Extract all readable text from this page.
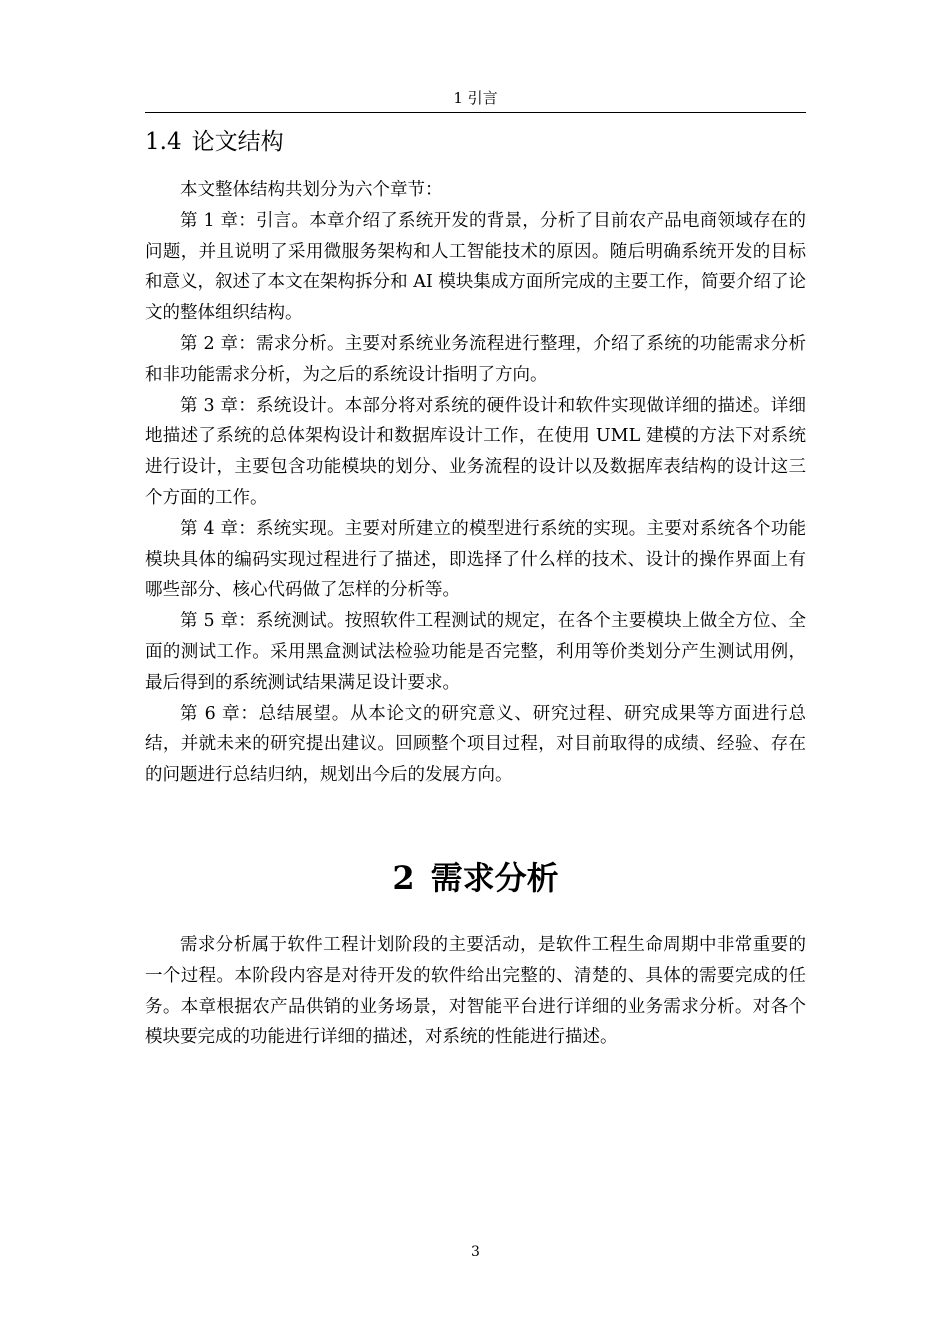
1 引言
1.4 论文结构

本文整体结构共划分为六个章节：

第 1 章：引言。本章介绍了系统开发的背景，分析了目前农产品电商领域存在的问题，并且说明了采用微服务架构和人工智能技术的原因。随后明确系统开发的目标和意义，叙述了本文在架构拆分和 AI 模块集成方面所完成的主要工作，简要介绍了论文的整体组织结构。

第 2 章：需求分析。主要对系统业务流程进行整理，介绍了系统的功能需求分析和非功能需求分析，为之后的系统设计指明了方向。

第 3 章：系统设计。本部分将对系统的硬件设计和软件实现做详细的描述。详细地描述了系统的总体架构设计和数据库设计工作，在使用 UML 建模的方法下对系统进行设计，主要包含功能模块的划分、业务流程的设计以及数据库表结构的设计这三个方面的工作。

第 4 章：系统实现。主要对所建立的模型进行系统的实现。主要对系统各个功能模块具体的编码实现过程进行了描述，即选择了什么样的技术、设计的操作界面上有哪些部分、核心代码做了怎样的分析等。

第 5 章：系统测试。按照软件工程测试的规定，在各个主要模块上做全方位、全面的测试工作。采用黑盒测试法检验功能是否完整，利用等价类划分产生测试用例，最后得到的系统测试结果满足设计要求。

第 6 章：总结展望。从本论文的研究意义、研究过程、研究成果等方面进行总结，并就未来的研究提出建议。回顾整个项目过程，对目前取得的成绩、经验、存在的问题进行总结归纳，规划出今后的发展方向。

2 需求分析

需求分析属于软件工程计划阶段的主要活动，是软件工程生命周期中非常重要的一个过程。本阶段内容是对待开发的软件给出完整的、清楚的、具体的需要完成的任务。本章根据农产品供销的业务场景，对智能平台进行详细的业务需求分析。对各个模块要完成的功能进行详细的描述，对系统的性能进行描述。

3
